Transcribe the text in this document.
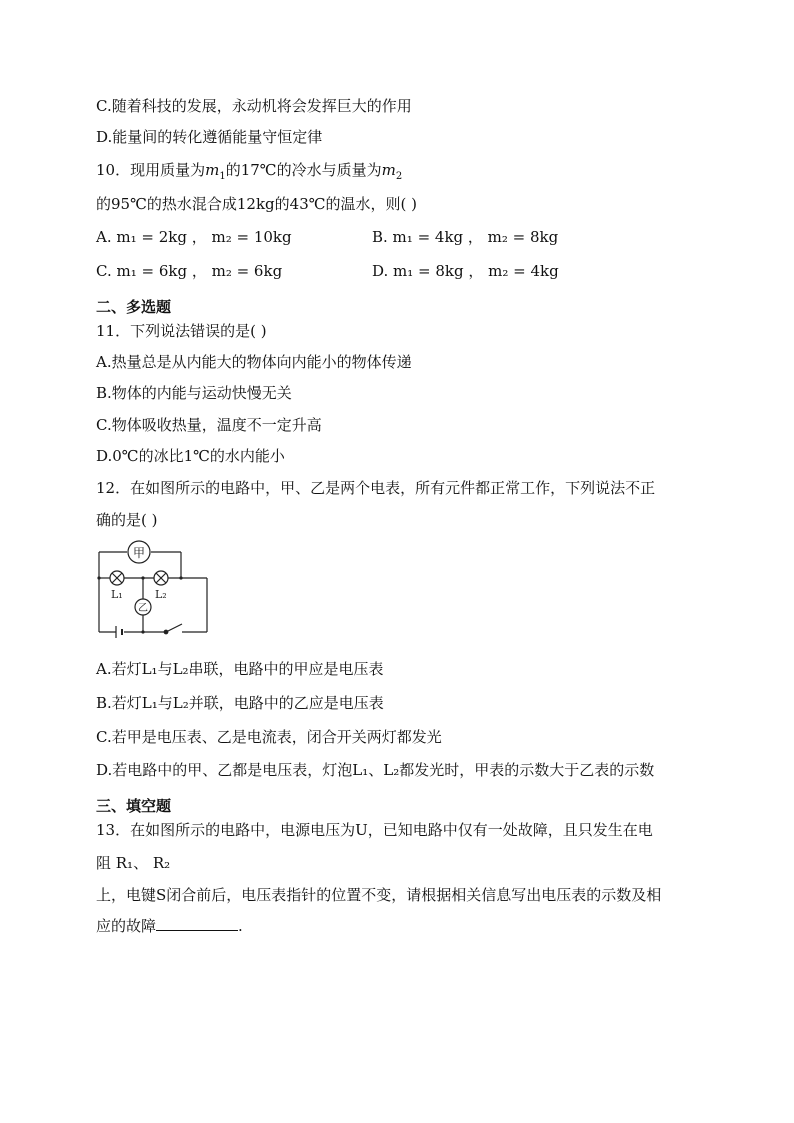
C.随着科技的发展，永动机将会发挥巨大的作用
D.能量间的转化遵循能量守恒定律
10．现用质量为$m_1$的17℃的冷水与质量为$m_2$
的95℃的热水混合成12kg的43℃的温水，则( )
A. m₁ = 2kg ， m₂ = 10kg	B. m₁ = 4kg ， m₂ = 8kg
C. m₁ = 6kg ， m₂ = 6kg	D. m₁ = 8kg ， m₂ = 4kg
二、多选题
11．下列说法错误的是( )
A.热量总是从内能大的物体向内能小的物体传递
B.物体的内能与运动快慢无关
C.物体吸收热量，温度不一定升高
D.0℃的冰比1℃的水内能小
12．在如图所示的电路中，甲、乙是两个电表，所有元件都正常工作，下列说法不正
确的是( )
甲
乙
L₁	L₂
A.若灯L₁与L₂串联，电路中的甲应是电压表
B.若灯L₁与L₂并联，电路中的乙应是电压表
C.若甲是电压表、乙是电流表，闭合开关两灯都发光
D.若电路中的甲、乙都是电压表，灯泡L₁、L₂都发光时，甲表的示数大于乙表的示数
三、填空题
13．在如图所示的电路中，电源电压为U，已知电路中仅有一处故障，且只发生在电
阻 R₁、 R₂
上，电键S闭合前后，电压表指针的位置不变，请根据相关信息写出电压表的示数及相
应的故障	.
